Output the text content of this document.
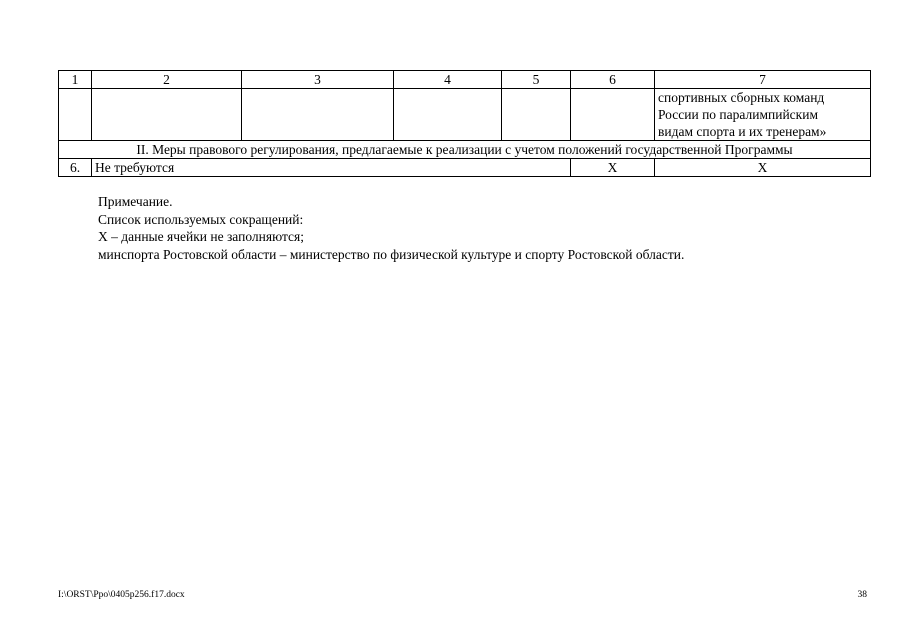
1	2	3	4	5	6	7

						спортивных сборных команд
России по паралимпийским
видам спорта и их тренерам»

II. Меры правового регулирования, предлагаемые к реализации с учетом положений государственной Программы						
6.	Не требуются				X	X
Примечание.
Список используемых сокращений:
X – данные ячейки не заполняются;
минспорта Ростовской области – министерство по физической культуре и спорту Ростовской области.
I:\ORST\Ppo\0405p256.f17.docx	38
